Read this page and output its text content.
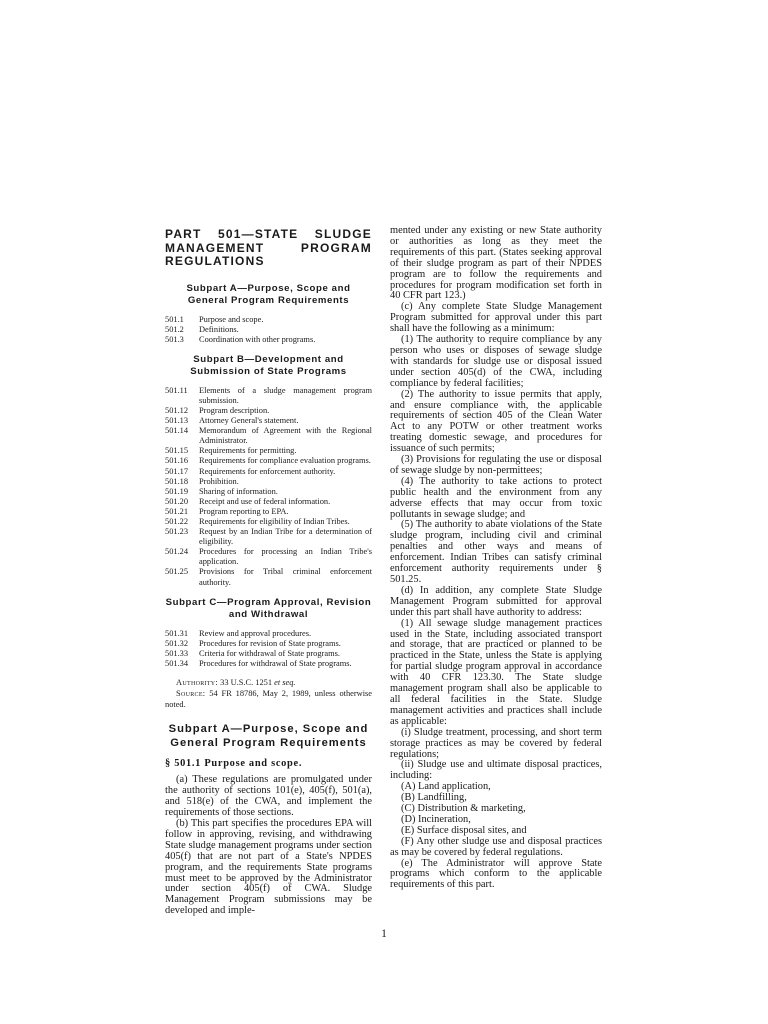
PART 501—STATE SLUDGE MANAGEMENT PROGRAM REGULATIONS
Subpart A—Purpose, Scope and General Program Requirements
501.1	Purpose and scope.
501.2	Definitions.
501.3	Coordination with other programs.
Subpart B—Development and Submission of State Programs
501.11	Elements of a sludge management program submission.
501.12	Program description.
501.13	Attorney General's statement.
501.14	Memorandum of Agreement with the Regional Administrator.
501.15	Requirements for permitting.
501.16	Requirements for compliance evaluation programs.
501.17	Requirements for enforcement authority.
501.18	Prohibition.
501.19	Sharing of information.
501.20	Receipt and use of federal information.
501.21	Program reporting to EPA.
501.22	Requirements for eligibility of Indian Tribes.
501.23	Request by an Indian Tribe for a determination of eligibility.
501.24	Procedures for processing an Indian Tribe's application.
501.25	Provisions for Tribal criminal enforcement authority.
Subpart C—Program Approval, Revision and Withdrawal
501.31	Review and approval procedures.
501.32	Procedures for revision of State programs.
501.33	Criteria for withdrawal of State programs.
501.34	Procedures for withdrawal of State programs.

Authority: 33 U.S.C. 1251 et seq.

Source: 54 FR 18786, May 2, 1989, unless otherwise noted.

Subpart A—Purpose, Scope and General Program Requirements
§ 501.1 Purpose and scope.

(a) These regulations are promulgated under the authority of sections 101(e), 405(f), 501(a), and 518(e) of the CWA, and implement the requirements of those sections.

(b) This part specifies the procedures EPA will follow in approving, revising, and withdrawing State sludge management programs under section 405(f) that are not part of a State's NPDES program, and the requirements State programs must meet to be approved by the Administrator under section 405(f) of CWA. Sludge Management Program submissions may be developed and imple-

mented under any existing or new State authority or authorities as long as they meet the requirements of this part. (States seeking approval of their sludge program as part of their NPDES program are to follow the requirements and procedures for program modification set forth in 40 CFR part 123.)

(c) Any complete State Sludge Management Program submitted for approval under this part shall have the following as a minimum:

(1) The authority to require compliance by any person who uses or disposes of sewage sludge with standards for sludge use or disposal issued under section 405(d) of the CWA, including compliance by federal facilities;

(2) The authority to issue permits that apply, and ensure compliance with, the applicable requirements of section 405 of the Clean Water Act to any POTW or other treatment works treating domestic sewage, and procedures for issuance of such permits;

(3) Provisions for regulating the use or disposal of sewage sludge by non-permittees;

(4) The authority to take actions to protect public health and the environment from any adverse effects that may occur from toxic pollutants in sewage sludge; and

(5) The authority to abate violations of the State sludge program, including civil and criminal penalties and other ways and means of enforcement. Indian Tribes can satisfy criminal enforcement authority requirements under § 501.25.

(d) In addition, any complete State Sludge Management Program submitted for approval under this part shall have authority to address:

(1) All sewage sludge management practices used in the State, including associated transport and storage, that are practiced or planned to be practiced in the State, unless the State is applying for partial sludge program approval in accordance with 40 CFR 123.30. The State sludge management program shall also be applicable to all federal facilities in the State. Sludge management activities and practices shall include as applicable:

(i) Sludge treatment, processing, and short term storage practices as may be covered by federal regulations;

(ii) Sludge use and ultimate disposal practices, including:

(A) Land application,

(B) Landfilling,

(C) Distribution & marketing,

(D) Incineration,

(E) Surface disposal sites, and

(F) Any other sludge use and disposal practices as may be covered by federal regulations.

(e) The Administrator will approve State programs which conform to the applicable requirements of this part.

1
